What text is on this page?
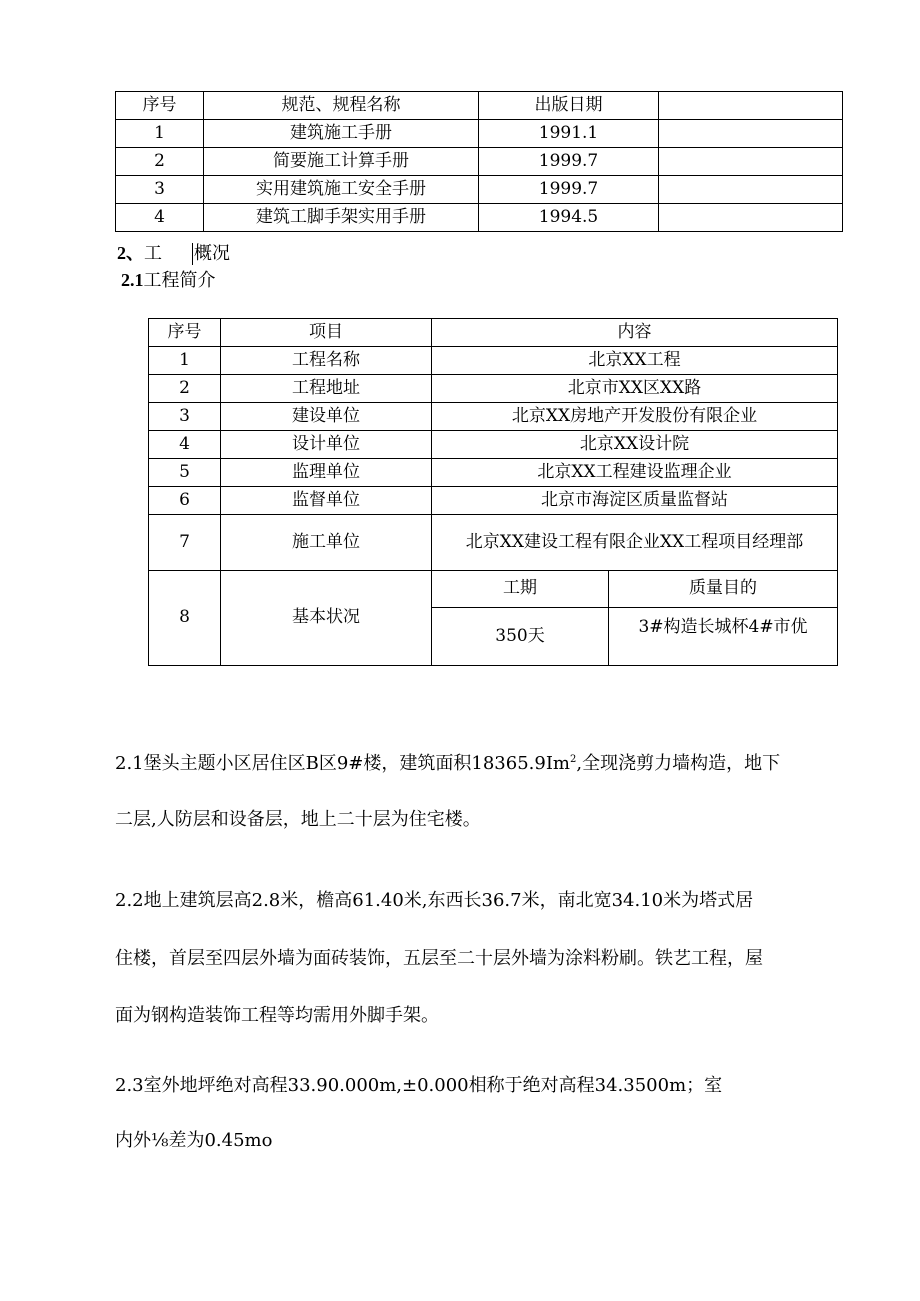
序号	规范、规程名称	出版日期	
1	建筑施工手册	1991.1	
2	简要施工计算手册	1999.7	
3	实用建筑施工安全手册	1999.7	
4	建筑工脚手架实用手册	1994.5	
2、工 概况
2.1工程简介
序号	项目	内容	
1	工程名称	北京XX工程	
2	工程地址	北京市XX区XX路	
3	建设单位	北京XX房地产开发股份有限企业	
4	设计单位	北京XX设计院	
5	监理单位	北京XX工程建设监理企业	
6	监督单位	北京市海淀区质量监督站	
7	施工单位	北京XX建设工程有限企业XX工程项目经理部	
8	基本状况	工期	质量目的
		350天	3#构造长城杯4#市优
2.1堡头主题小区居住区B区9#楼，建筑面积18365.9Im$^2$,全现浇剪力墙构造，地下
二层,人防层和设备层，地上二十层为住宅楼。
2.2地上建筑层高2.8米，檐高61.40米,东西长36.7米，南北宽34.10米为塔式居
住楼，首层至四层外墙为面砖装饰，五层至二十层外墙为涂料粉刷。铁艺工程，屋
面为钢构造装饰工程等均需用外脚手架。
2.3室外地坪绝对高程33.90.000m,±0.000相称于绝对高程34.3500m；室
内外⅛差为0.45mo
